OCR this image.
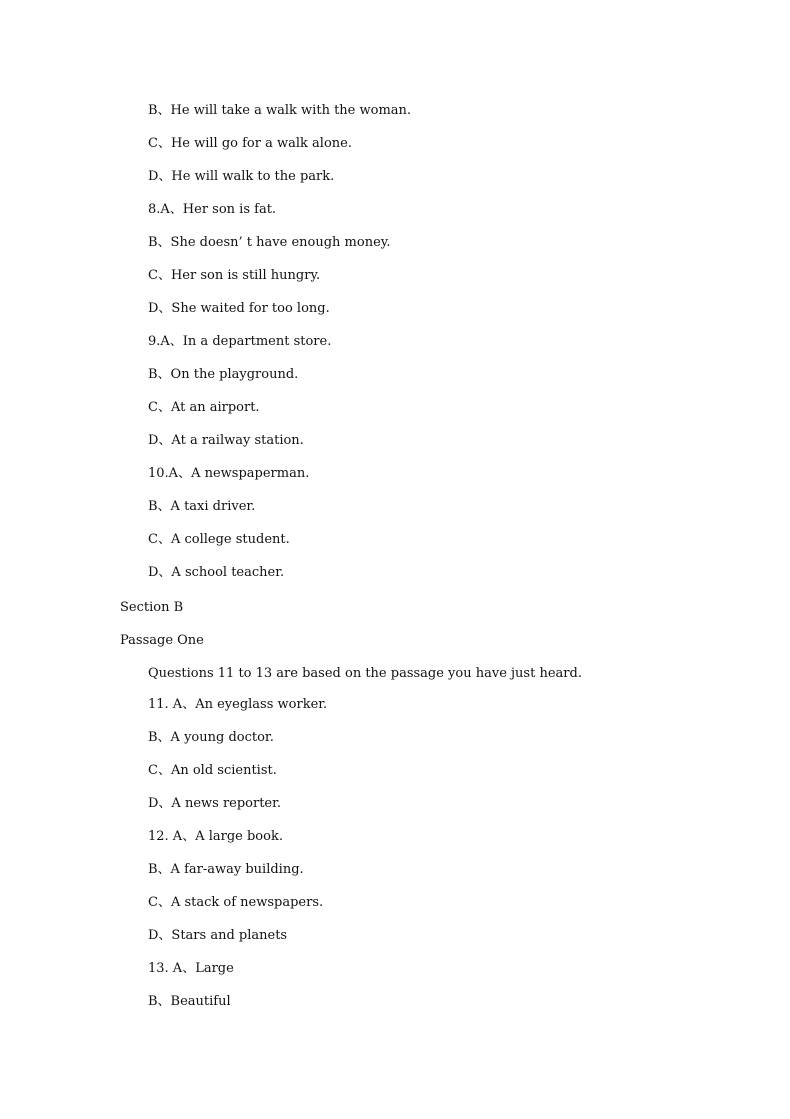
B、He will take a walk with the woman.
C、He will go for a walk alone.
D、He will walk to the park.
8.A、Her son is fat.
B、She doesn’ t have enough money.
C、Her son is still hungry.
D、She waited for too long.
9.A、In a department store.
B、On the playground.
C、At an airport.
D、At a railway station.
10.A、A newspaperman.
B、A taxi driver.
C、A college student.
D、A school teacher.
Section B
Passage One
Questions 11 to 13 are based on the passage you have just heard.
11. A、An eyeglass worker.
B、A young doctor.
C、An old scientist.
D、A news reporter.
12. A、A large book.
B、A far-away building.
C、A stack of newspapers.
D、Stars and planets
13. A、Large
B、Beautiful
